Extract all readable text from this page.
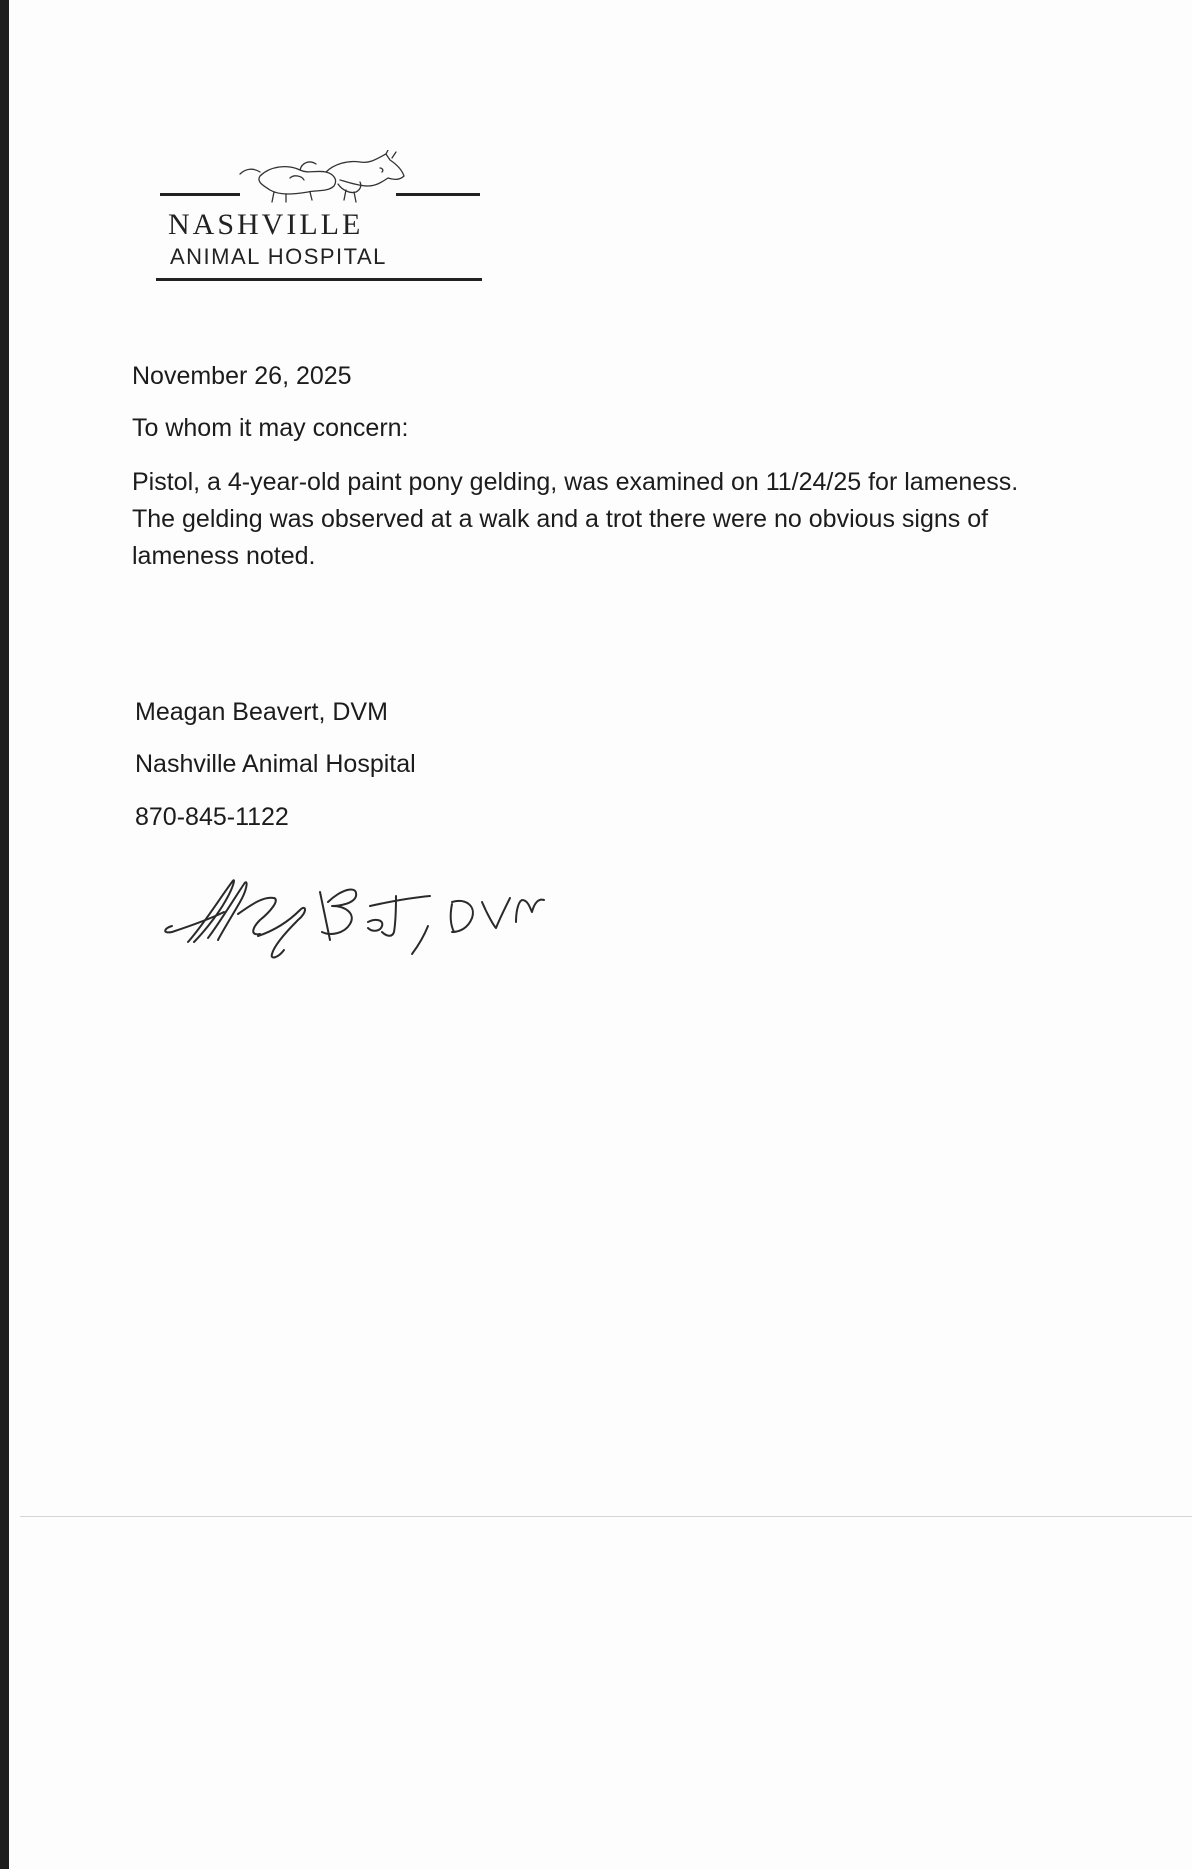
NASHVILLE
ANIMAL HOSPITAL
November 26, 2025
To whom it may concern:
Pistol, a 4-year-old paint pony gelding, was examined on 11/24/25 for lameness.
The gelding was observed at a walk and a trot there were no obvious signs of
lameness noted.
Meagan Beavert, DVM
Nashville Animal Hospital
870-845-1122
